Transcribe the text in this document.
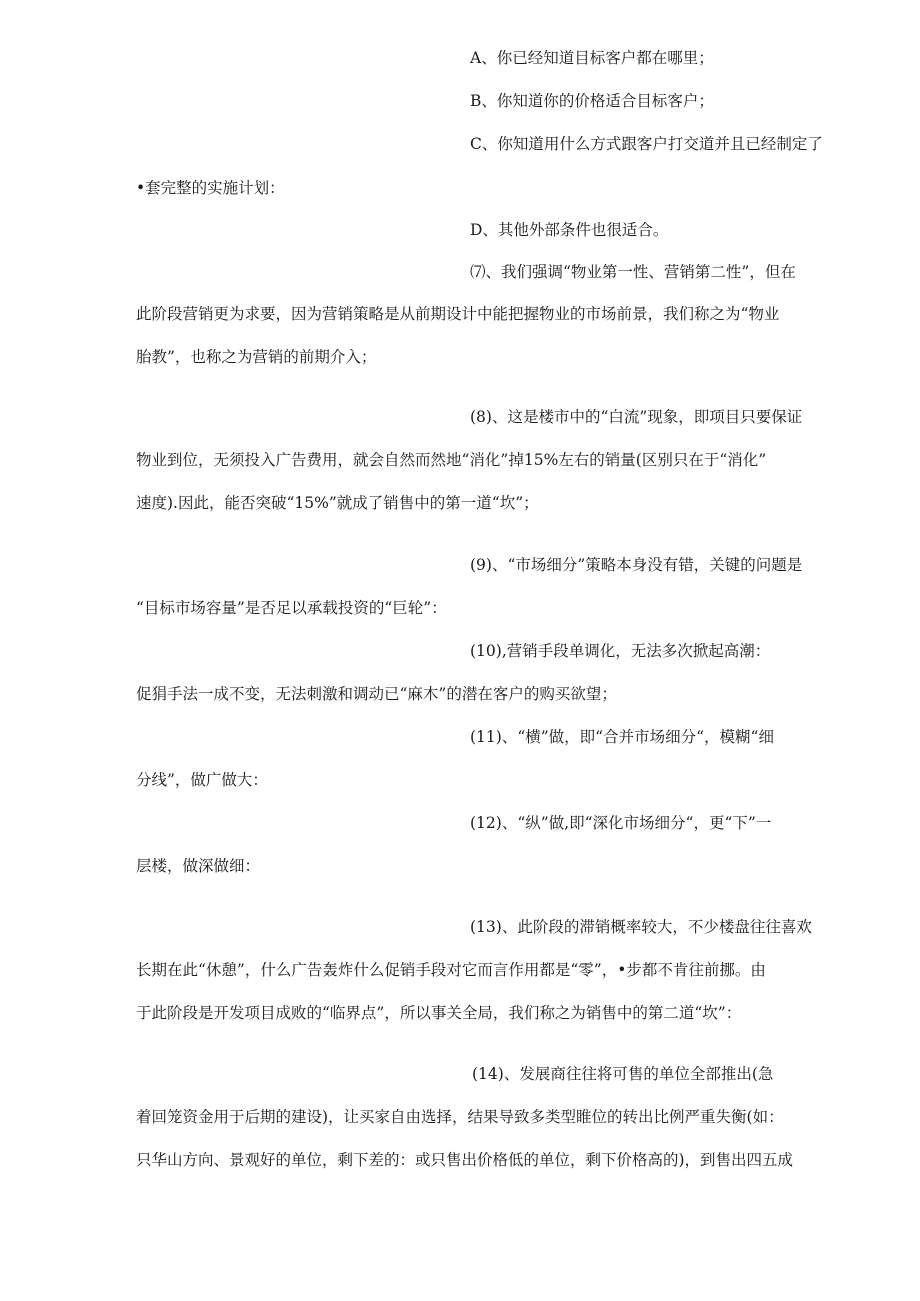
A、你已经知道目标客户都在哪里；
B、你知道你的价格适合目标客户；
C、你知道用什么方式跟客户打交道并且已经制定了
•套完整的实施计划：
D、其他外部条件也很适合。
⑺、我们强调“物业第一性、营销第二性”，但在
此阶段营销更为求要，因为营销策略是从前期设计中能把握物业的市场前景，我们称之为“物业
胎教”，也称之为营销的前期介入；
(8)、这是楼市中的“白流”现象，即项目只要保证
物业到位，无须投入广告费用，就会自然而然地“消化”掉15%左右的销量(区别只在于“消化”
速度).因此，能否突破“15%”就成了销售中的第一道“坎”；
(9)、“市场细分”策略本身没有错，关键的问题是
“目标市场容量”是否足以承载投资的“巨轮”：
(10),营销手段单调化，无法多次掀起高潮：
促狷手法一成不变，无法刺激和调动已“麻木”的潜在客户的购买欲望；
(11)、“横”做，即“合并市场细分“，模糊“细
分线”，做广做大：
(12)、“纵”做,即“深化市场细分“，更“下”一
层楼，做深做细：
(13)、此阶段的滞销概率较大，不少楼盘往往喜欢
长期在此“休憩”，什么广告轰炸什么促销手段对它而言作用都是“零”，•步都不肯往前挪。由
于此阶段是开发项目成败的“临界点”，所以事关全局，我们称之为销售中的第二道“坎”：
(14)、发展商往往将可售的单位全部推出(急
着回笼资金用于后期的建设)，让买家自由选择，结果导致多类型睢位的转出比例严重失衡(如：
只华山方向、景观好的单位，剩下差的：或只售出价格低的单位，剩下价格高的)，到售出四五成
